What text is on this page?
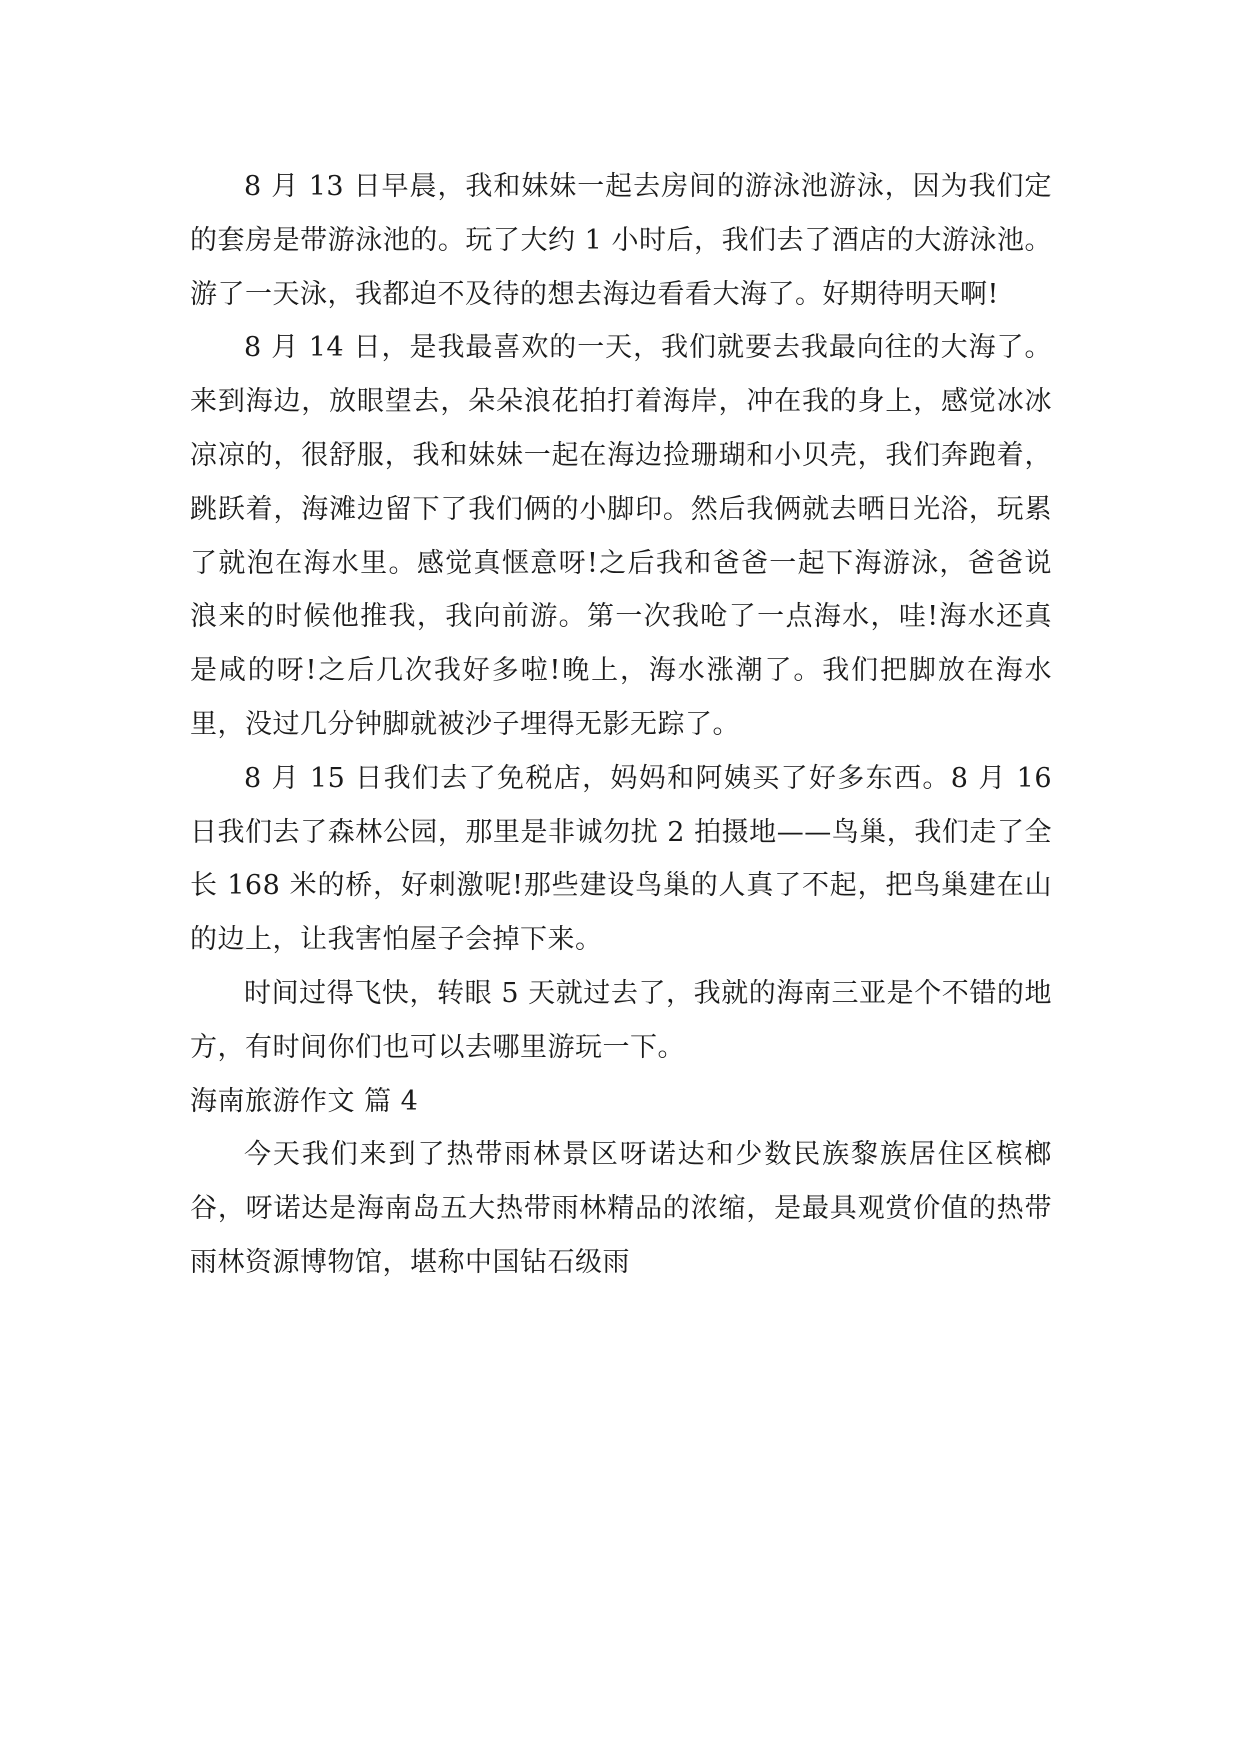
8 月 13 日早晨，我和妹妹一起去房间的游泳池游泳，因为我们定的套房是带游泳池的。玩了大约 1 小时后，我们去了酒店的大游泳池。游了一天泳，我都迫不及待的想去海边看看大海了。好期待明天啊!

8 月 14 日，是我最喜欢的一天，我们就要去我最向往的大海了。来到海边，放眼望去，朵朵浪花拍打着海岸，冲在我的身上，感觉冰冰凉凉的，很舒服，我和妹妹一起在海边捡珊瑚和小贝壳，我们奔跑着，跳跃着，海滩边留下了我们俩的小脚印。然后我俩就去晒日光浴，玩累了就泡在海水里。感觉真惬意呀!之后我和爸爸一起下海游泳，爸爸说浪来的时候他推我，我向前游。第一次我呛了一点海水，哇!海水还真是咸的呀!之后几次我好多啦!晚上，海水涨潮了。我们把脚放在海水里，没过几分钟脚就被沙子埋得无影无踪了。

8 月 15 日我们去了免税店，妈妈和阿姨买了好多东西。8 月 16 日我们去了森林公园，那里是非诚勿扰 2 拍摄地——鸟巢，我们走了全长 168 米的桥，好刺激呢!那些建设鸟巢的人真了不起，把鸟巢建在山的边上，让我害怕屋子会掉下来。

时间过得飞快，转眼 5 天就过去了，我就的海南三亚是个不错的地方，有时间你们也可以去哪里游玩一下。

海南旅游作文 篇 4

今天我们来到了热带雨林景区呀诺达和少数民族黎族居住区槟榔谷，呀诺达是海南岛五大热带雨林精品的浓缩，是最具观赏价值的热带雨林资源博物馆，堪称中国钻石级雨
